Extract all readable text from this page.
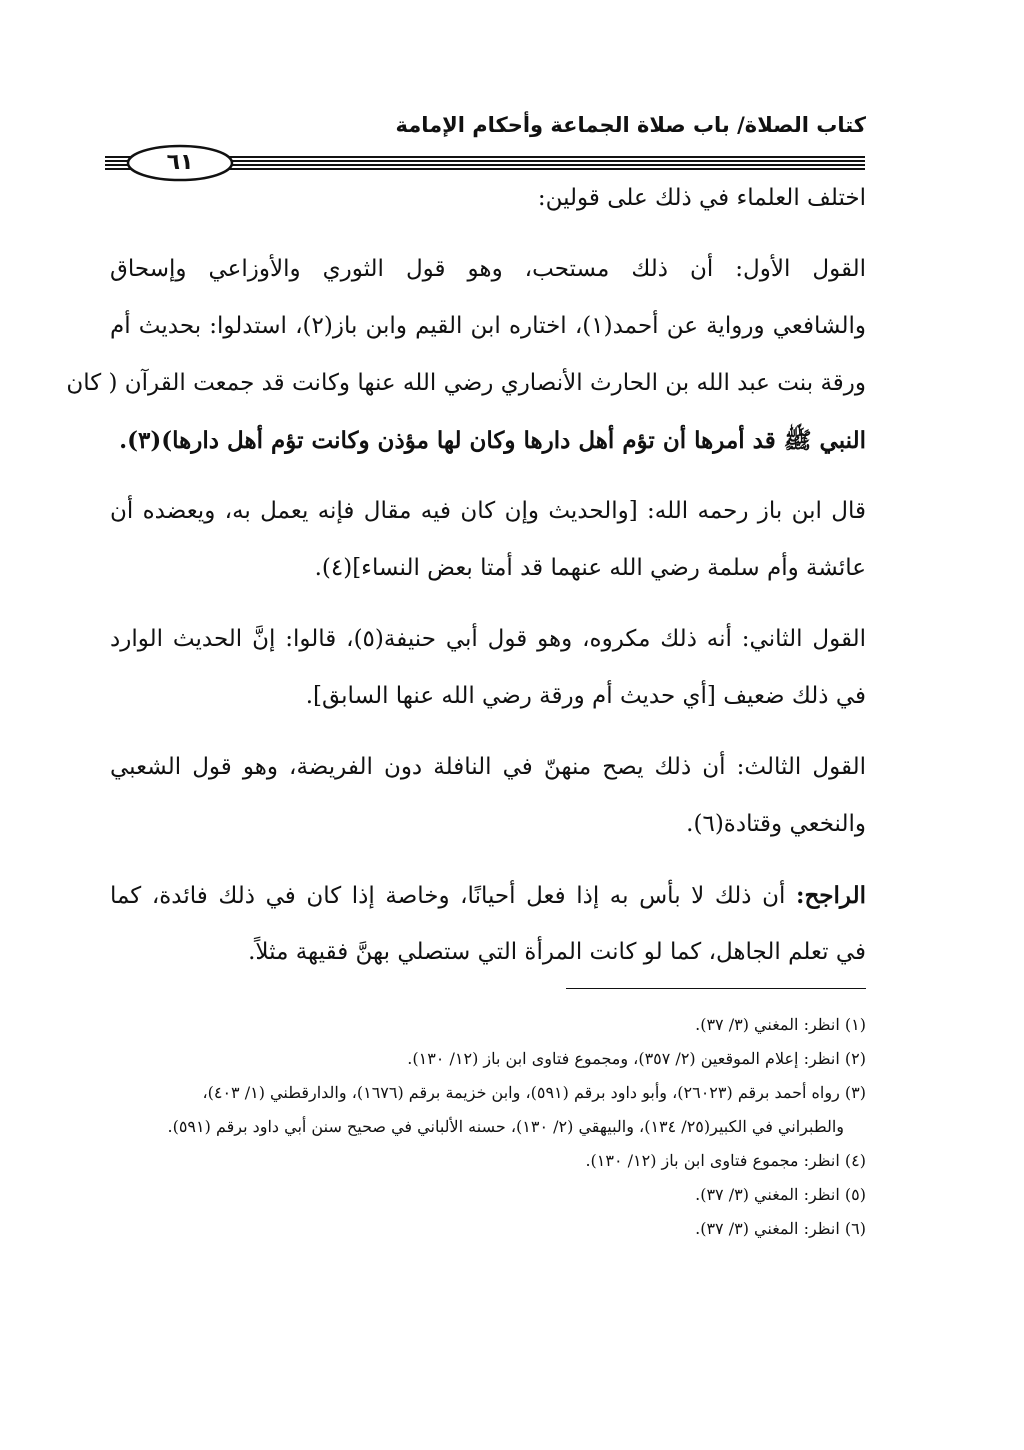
كتاب الصلاة/ باب صلاة الجماعة وأحكام الإمامة
٦١
اختلف العلماء في ذلك على قولين:
القول الأول: أن ذلك مستحب، وهو قول الثوري والأوزاعي وإسحاق
والشافعي ورواية عن أحمد(١)، اختاره ابن القيم وابن باز(٢)، استدلوا: بحديث أم
ورقة بنت عبد الله بن الحارث الأنصاري رضي الله عنها وكانت قد جمعت القرآن ( كان
النبي ﷺ قد أمرها أن تؤم أهل دارها وكان لها مؤذن وكانت تؤم أهل دارها)(٣).
قال ابن باز رحمه الله: [والحديث وإن كان فيه مقال فإنه يعمل به، ويعضده أن
عائشة وأم سلمة رضي الله عنهما قد أمتا بعض النساء](٤).
القول الثاني: أنه ذلك مكروه، وهو قول أبي حنيفة(٥)، قالوا: إنَّ الحديث الوارد
في ذلك ضعيف [أي حديث أم ورقة رضي الله عنها السابق].
القول الثالث: أن ذلك يصح منهنّ في النافلة دون الفريضة، وهو قول الشعبي
والنخعي وقتادة(٦).
الراجح: أن ذلك لا بأس به إذا فعل أحيانًا، وخاصة إذا كان في ذلك فائدة، كما
في تعلم الجاهل، كما لو كانت المرأة التي ستصلي بهنَّ فقيهة مثلاً.
(١) انظر: المغني (٣/ ٣٧).
(٢) انظر: إعلام الموقعين (٢/ ٣٥٧)، ومجموع فتاوى ابن باز (١٢/ ١٣٠).
(٣) رواه أحمد برقم (٢٦٠٢٣)، وأبو داود برقم (٥٩١)، وابن خزيمة برقم (١٦٧٦)، والدارقطني (١/ ٤٠٣)،
والطبراني في الكبير(٢٥/ ١٣٤)، والبيهقي (٢/ ١٣٠)، حسنه الألباني في صحيح سنن أبي داود برقم (٥٩١).
(٤) انظر: مجموع فتاوى ابن باز (١٢/ ١٣٠).
(٥) انظر: المغني (٣/ ٣٧).
(٦) انظر: المغني (٣/ ٣٧).
